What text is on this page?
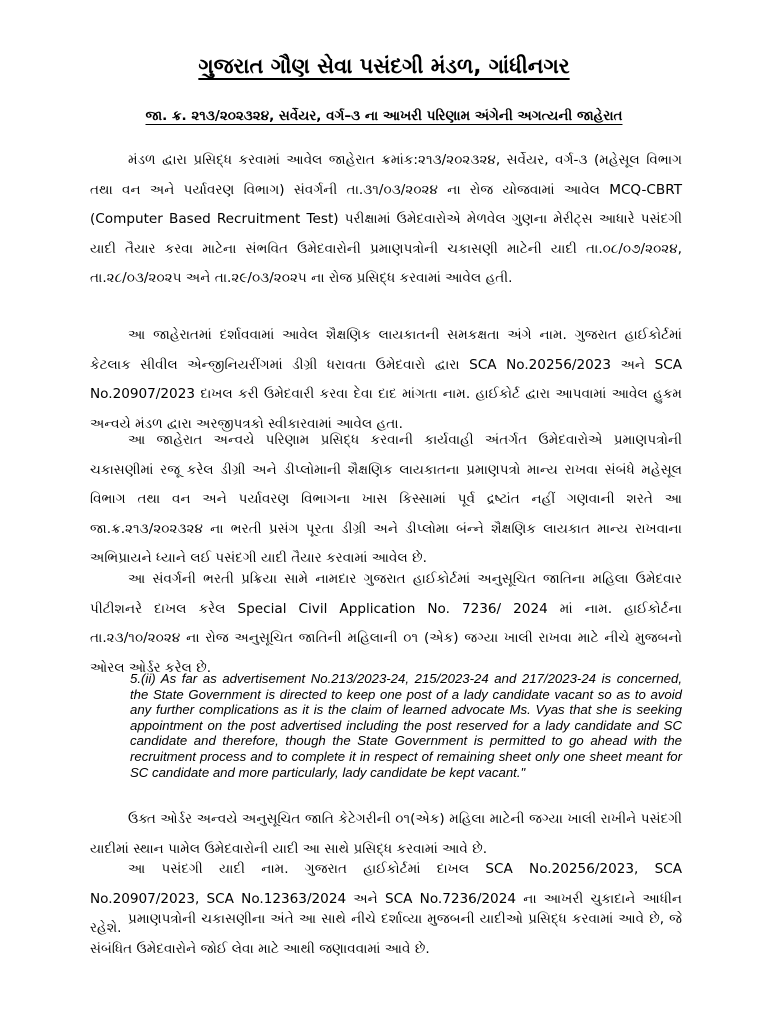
ગુજરાત ગૌણ સેવા પસંદગી મંડળ, ગાંધીનગર
જા. ક્ર. ૨૧૩/૨૦૨૩૨૪, સર્વેયર, વર્ગ–૩ ના આખરી પરિણામ અંગેની અગત્યની જાહેરાત

મંડળ દ્વારા પ્રસિદ્ધ કરવામાં આવેલ જાહેરાત ક્રમાંક:૨૧૩/૨૦૨૩૨૪, સર્વેયર, વર્ગ-૩ (મહેસૂલ વિભાગ તથા વન અને પર્યાવરણ વિભાગ) સંવર્ગની તા.૩૧/૦૩/૨૦૨૪ ના રોજ યોજવામાં આવેલ MCQ-CBRT (Computer Based Recruitment Test) પરીક્ષામાં ઉમેદવારોએ મેળવેલ ગુણના મેરીટ્સ આધારે પસંદગી યાદી તૈયાર કરવા માટેના સંભવિત ઉમેદવારોની પ્રમાણપત્રોની ચકાસણી માટેની યાદી તા.૦૮/૦૭/૨૦૨૪, તા.૨૮/૦૩/૨૦૨૫ અને તા.૨૯/૦૩/૨૦૨૫ ના રોજ પ્રસિદ્ધ કરવામાં આવેલ હતી.

આ જાહેરાતમાં દર્શાવવામાં આવેલ શૈક્ષણિક લાયકાતની સમકક્ષતા અંગે નામ. ગુજરાત હાઈકોર્ટમાં કેટલાક સીવીલ એન્જીનિયરીંગમાં ડીગ્રી ધરાવતા ઉમેદવારો દ્વારા SCA No.20256/2023 અને SCA No.20907/2023 દાખલ કરી ઉમેદવારી કરવા દેવા દાદ માંગતા નામ. હાઈકોર્ટ દ્વારા આપવામાં આવેલ હુકમ અન્વયે મંડળ દ્વારા અરજીપત્રકો સ્વીકારવામાં આવેલ હતા.

આ જાહેરાત અન્વયે પરિણામ પ્રસિદ્ધ કરવાની કાર્યવાહી અંતર્ગત ઉમેદવારોએ પ્રમાણપત્રોની ચકાસણીમાં રજૂ કરેલ ડીગ્રી અને ડીપ્લોમાની શૈક્ષણિક લાયકાતના પ્રમાણપત્રો માન્ય રાખવા સંબંધે મહેસૂલ વિભાગ તથા વન અને પર્યાવરણ વિભાગના ખાસ કિસ્સામાં પૂર્વ દ્રષ્ટાંત નહીં ગણવાની શરતે આ જા.ક્ર.૨૧૩/૨૦૨૩૨૪ ના ભરતી પ્રસંગ પૂરતા ડીગ્રી અને ડીપ્લોમા બંન્ને શૈક્ષણિક લાયકાત માન્ય રાખવાના અભિપ્રાયને ધ્યાને લઈ પસંદગી યાદી તૈયાર કરવામાં આવેલ છે.

આ સંવર્ગની ભરતી પ્રક્રિયા સામે નામદાર ગુજરાત હાઈકોર્ટમાં અનુસૂચિત જાતિના મહિલા ઉમેદવાર પીટીશનરે દાખલ કરેલ Special Civil Application No. 7236/ 2024 માં નામ. હાઈકોર્ટના તા.૨૩/૧૦/૨૦૨૪ ના રોજ અનુસૂચિત જાતિની મહિલાની ૦૧ (એક) જગ્યા ખાલી રાખવા માટે નીચે મુજબનો ઓરલ ઓર્ડર કરેલ છે.

5.(ii) As far as advertisement No.213/2023-24, 215/2023-24 and 217/2023-24 is concerned, the State Government is directed to keep one post of a lady candidate vacant so as to avoid any further complications as it is the claim of learned advocate Ms. Vyas that she is seeking appointment on the post advertised including the post reserved for a lady candidate and SC candidate and therefore, though the State Government is permitted to go ahead with the recruitment process and to complete it in respect of remaining sheet only one sheet meant for SC candidate and more particularly, lady candidate be kept vacant."

ઉક્ત ઓર્ડર અન્વયે અનુસૂચિત જાતિ કેટેગરીની ૦૧(એક) મહિલા માટેની જગ્યા ખાલી રાખીને પસંદગી યાદીમાં સ્થાન પામેલ ઉમેદવારોની યાદી આ સાથે પ્રસિદ્ધ કરવામાં આવે છે.

આ પસંદગી યાદી નામ. ગુજરાત હાઈકોર્ટમાં દાખલ SCA No.20256/2023, SCA No.20907/2023, SCA No.12363/2024 અને SCA No.7236/2024 ના આખરી ચુકાદાને આધીન રહેશે.

પ્રમાણપત્રોની ચકાસણીના અંતે આ સાથે નીચે દર્શાવ્યા મુજબની યાદીઓ પ્રસિદ્ધ કરવામાં આવે છે, જે સંબંધિત ઉમેદવારોને જોઈ લેવા માટે આથી જણાવવામાં આવે છે.
